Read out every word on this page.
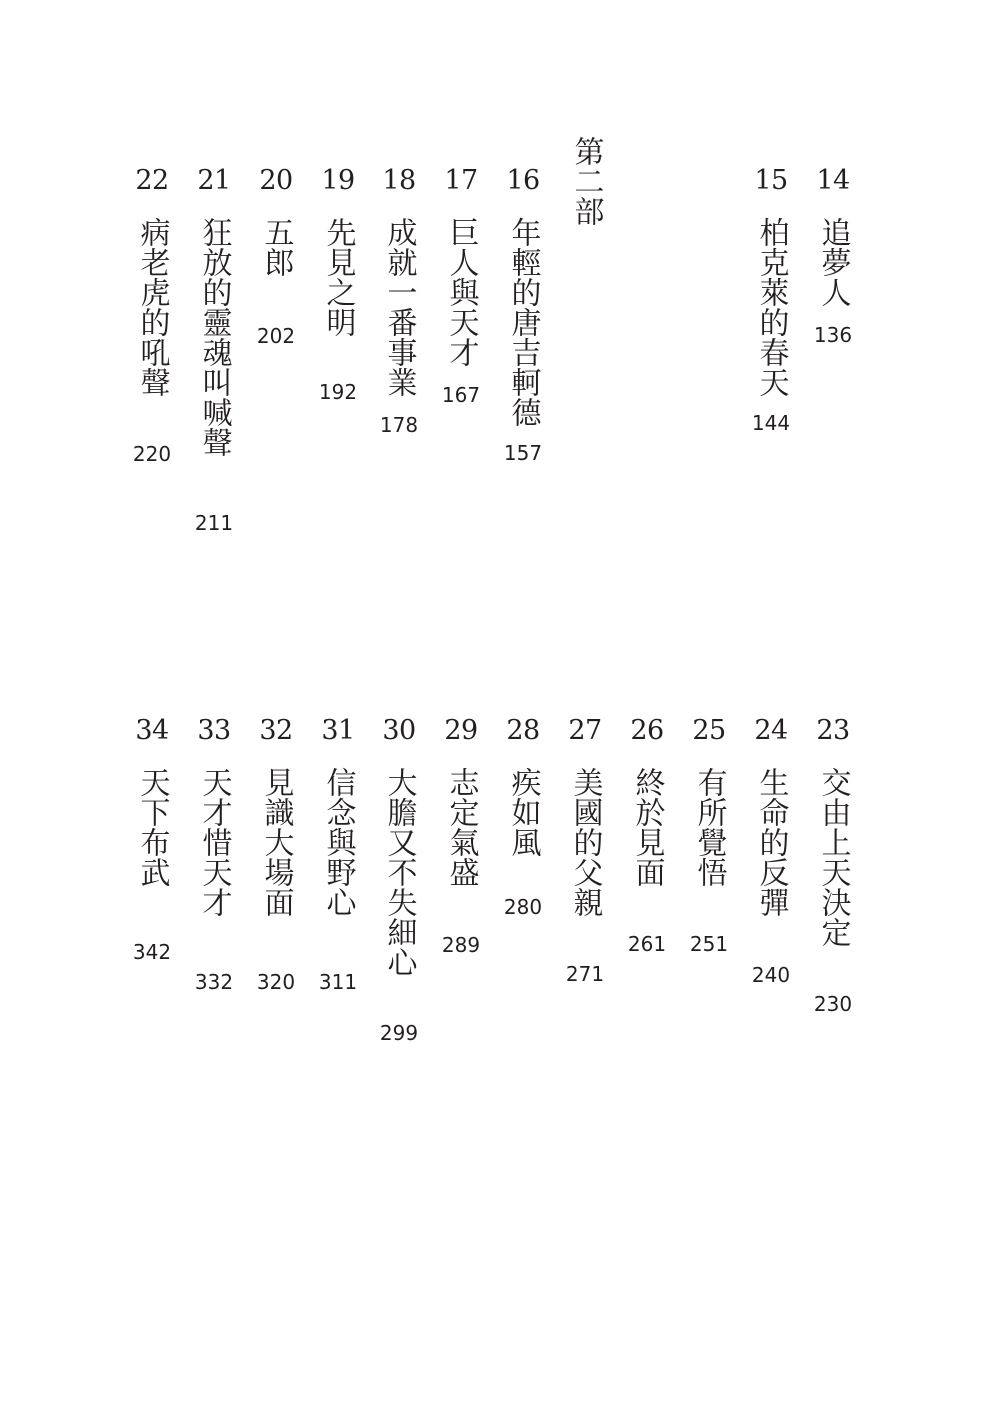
第二部	14
追夢人
136
15
柏克萊的春天
144
16
年輕的唐吉軻德
157
17
巨人與天才
167
18
成就一番事業
178
19
先見之明
192
20
五郎
202
21
狂放的靈魂叫喊聲
211
22
病老虎的吼聲
220
23
交由上天決定
230
24
生命的反彈
240
25
有所覺悟
251
26
終於見面
261
27
美國的父親
271
28
疾如風
280
29
志定氣盛
289
30
大膽又不失細心
299
31
信念與野心
311
32
見識大場面
320
33
天才惜天才
332
34
天下布武
342
